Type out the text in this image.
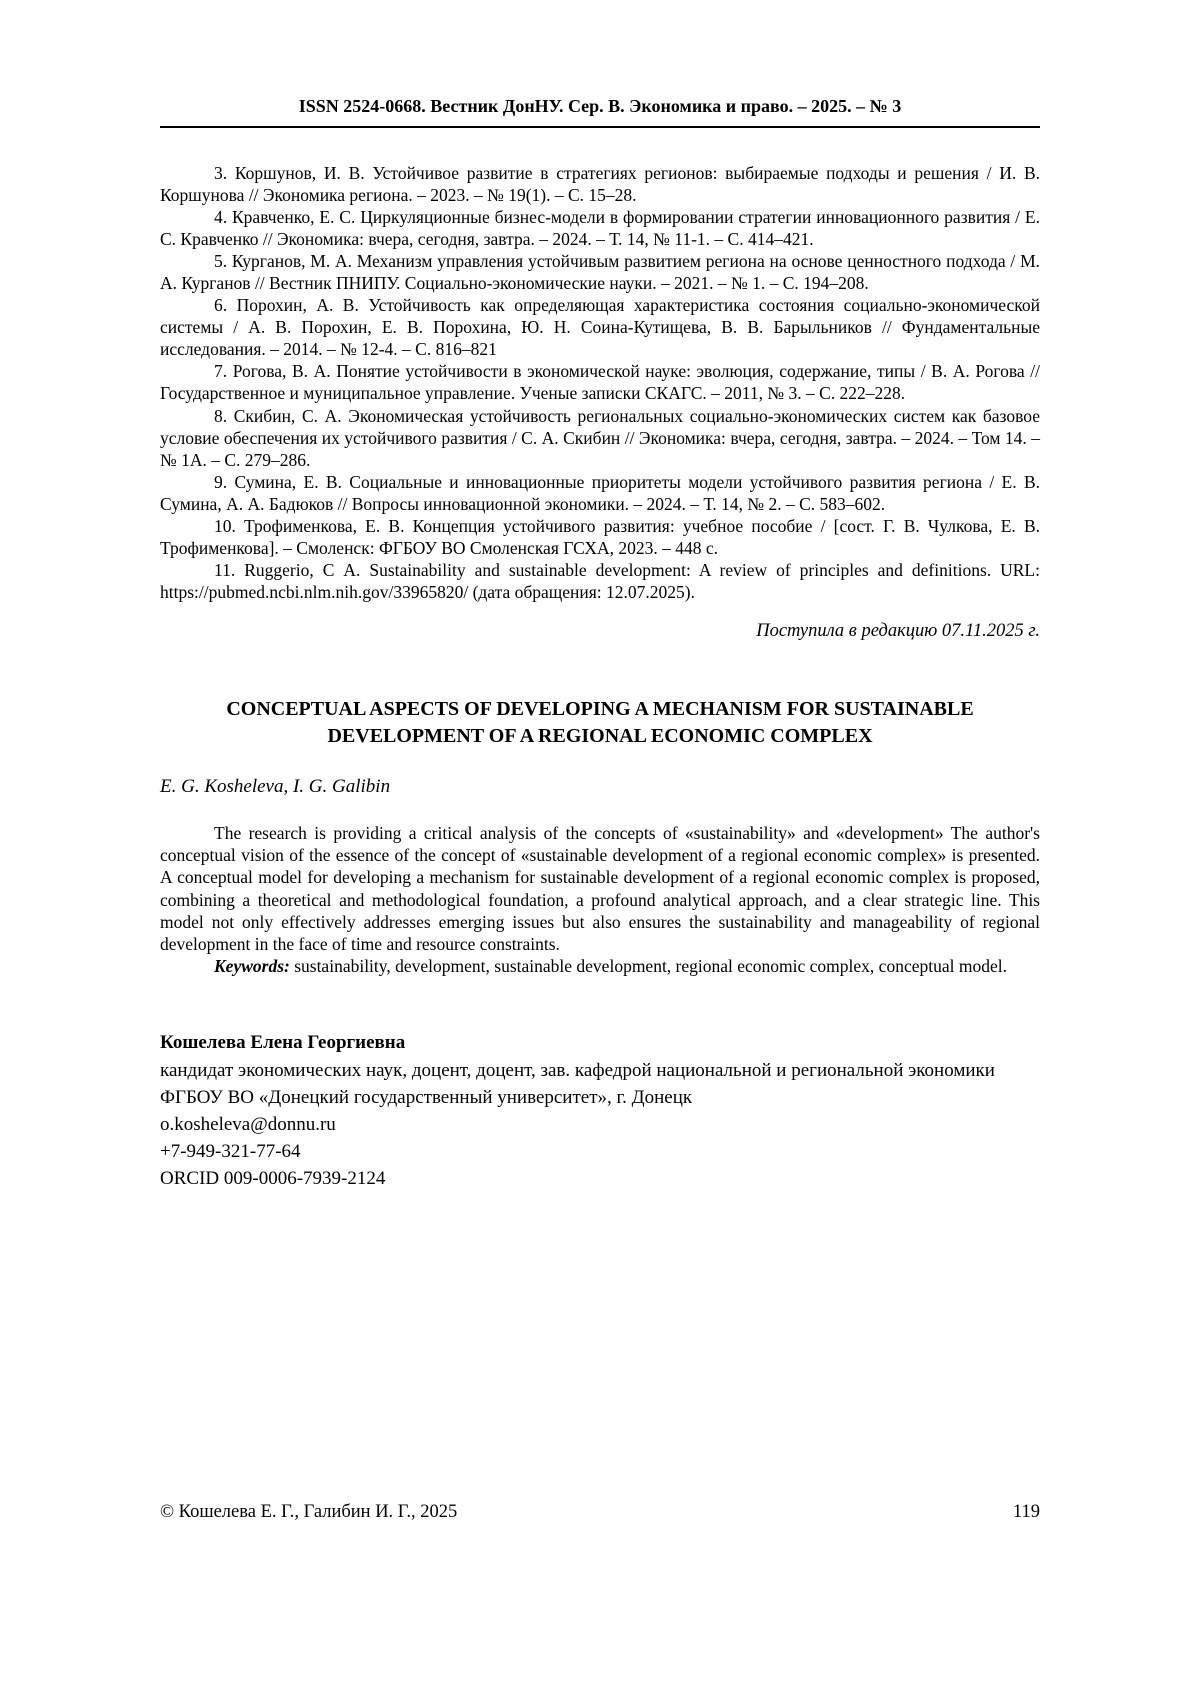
ISSN 2524-0668. Вестник ДонНУ. Сер. В. Экономика и право. – 2025. – № 3

3. Коршунов, И. В. Устойчивое развитие в стратегиях регионов: выбираемые подходы и решения / И. В. Коршунова // Экономика региона. – 2023. – № 19(1). – С. 15–28.

4. Кравченко, Е. С. Циркуляционные бизнес-модели в формировании стратегии инновационного развития / Е. С. Кравченко // Экономика: вчера, сегодня, завтра. – 2024. – Т. 14, № 11-1. – С. 414–421.

5. Курганов, М. А. Механизм управления устойчивым развитием региона на основе ценностного подхода / М. А. Курганов // Вестник ПНИПУ. Социально-экономические науки. – 2021. – № 1. – С. 194–208.

6. Порохин, А. В. Устойчивость как определяющая характеристика состояния социально-экономической системы / А. В. Порохин, Е. В. Порохина, Ю. Н. Соина-Кутищева, В. В. Барыльников // Фундаментальные исследования. – 2014. – № 12-4. – С. 816–821

7. Рогова, В. А. Понятие устойчивости в экономической науке: эволюция, содержание, типы / В. А. Рогова // Государственное и муниципальное управление. Ученые записки СКАГС. – 2011, № 3. – С. 222–228.

8. Скибин, С. А. Экономическая устойчивость региональных социально-экономических систем как базовое условие обеспечения их устойчивого развития / С. А. Скибин // Экономика: вчера, сегодня, завтра. – 2024. – Том 14. – № 1А. – С. 279–286.

9. Сумина, Е. В. Социальные и инновационные приоритеты модели устойчивого развития региона / Е. В. Сумина, А. А. Бадюков // Вопросы инновационной экономики. – 2024. – Т. 14, № 2. – С. 583–602.

10. Трофименкова, Е. В. Концепция устойчивого развития: учебное пособие / [сост. Г. В. Чулкова, Е. В. Трофименкова]. – Смоленск: ФГБОУ ВО Смоленская ГСХА, 2023. – 448 с.

11. Ruggerio, C А. Sustainability and sustainable development: A review of principles and definitions. URL: https://pubmed.ncbi.nlm.nih.gov/33965820/ (дата обращения: 12.07.2025).

Поступила в редакцию 07.11.2025 г.
CONCEPTUAL ASPECTS OF DEVELOPING A MECHANISM FOR SUSTAINABLE DEVELOPMENT OF A REGIONAL ECONOMIC COMPLEX
E. G. Kosheleva, I. G. Galibin

The research is providing a critical analysis of the concepts of «sustainability» and «development» The author's conceptual vision of the essence of the concept of «sustainable development of a regional economic complex» is presented. A conceptual model for developing a mechanism for sustainable development of a regional economic complex is proposed, combining a theoretical and methodological foundation, a profound analytical approach, and a clear strategic line. This model not only effectively addresses emerging issues but also ensures the sustainability and manageability of regional development in the face of time and resource constraints.

Keywords: sustainability, development, sustainable development, regional economic complex, conceptual model.

Кошелева Елена Георгиевна

кандидат экономических наук, доцент, доцент, зав. кафедрой национальной и региональной экономики

ФГБОУ ВО «Донецкий государственный университет», г. Донецк

o.kosheleva@donnu.ru

+7-949-321-77-64

ORCID 009-0006-7939-2124

© Кошелева Е. Г., Галибин И. Г., 2025	119
